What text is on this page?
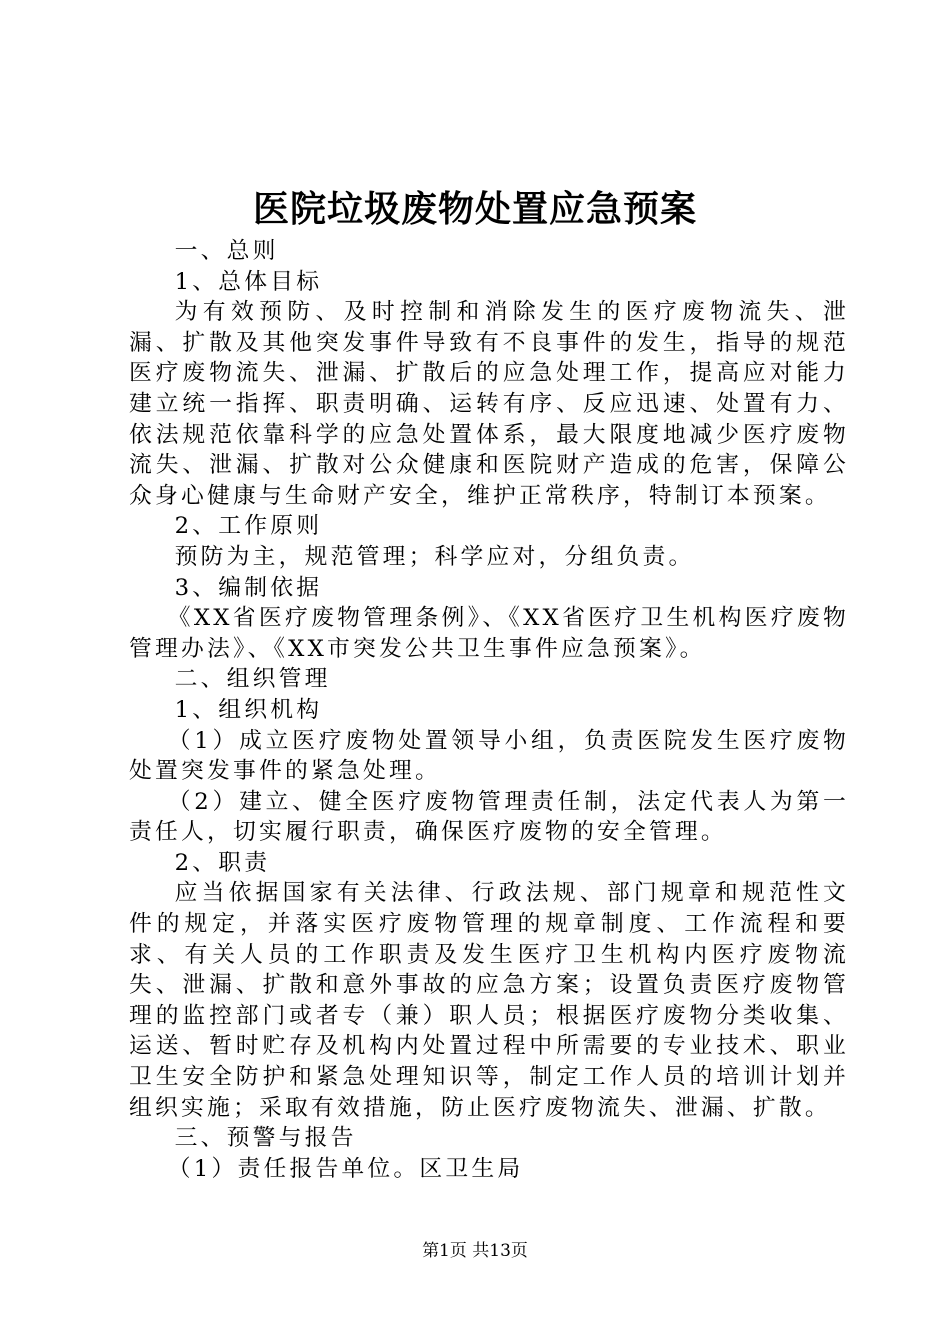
医院垃圾废物处置应急预案

一、总则

1、总体目标

为有效预防、及时控制和消除发生的医疗废物流失、泄漏、扩散及其他突发事件导致有不良事件的发生，指导的规范医疗废物流失、泄漏、扩散后的应急处理工作，提高应对能力建立统一指挥、职责明确、运转有序、反应迅速、处置有力、依法规范依靠科学的应急处置体系，最大限度地减少医疗废物流失、泄漏、扩散对公众健康和医院财产造成的危害，保障公众身心健康与生命财产安全，维护正常秩序，特制订本预案。

2、工作原则

预防为主，规范管理；科学应对，分组负责。

3、编制依据

《XX省医疗废物管理条例》、《XX省医疗卫生机构医疗废物管理办法》、《XX市突发公共卫生事件应急预案》。

二、组织管理

1、组织机构

（1）成立医疗废物处置领导小组，负责医院发生医疗废物处置突发事件的紧急处理。

（2）建立、健全医疗废物管理责任制，法定代表人为第一责任人，切实履行职责，确保医疗废物的安全管理。

2、职责

应当依据国家有关法律、行政法规、部门规章和规范性文件的规定，并落实医疗废物管理的规章制度、工作流程和要求、有关人员的工作职责及发生医疗卫生机构内医疗废物流失、泄漏、扩散和意外事故的应急方案；设置负责医疗废物管理的监控部门或者专（兼）职人员；根据医疗废物分类收集、运送、暂时贮存及机构内处置过程中所需要的专业技术、职业卫生安全防护和紧急处理知识等，制定工作人员的培训计划并组织实施；采取有效措施，防止医疗废物流失、泄漏、扩散。

三、预警与报告

（1）责任报告单位。区卫生局

第1页 共13页
